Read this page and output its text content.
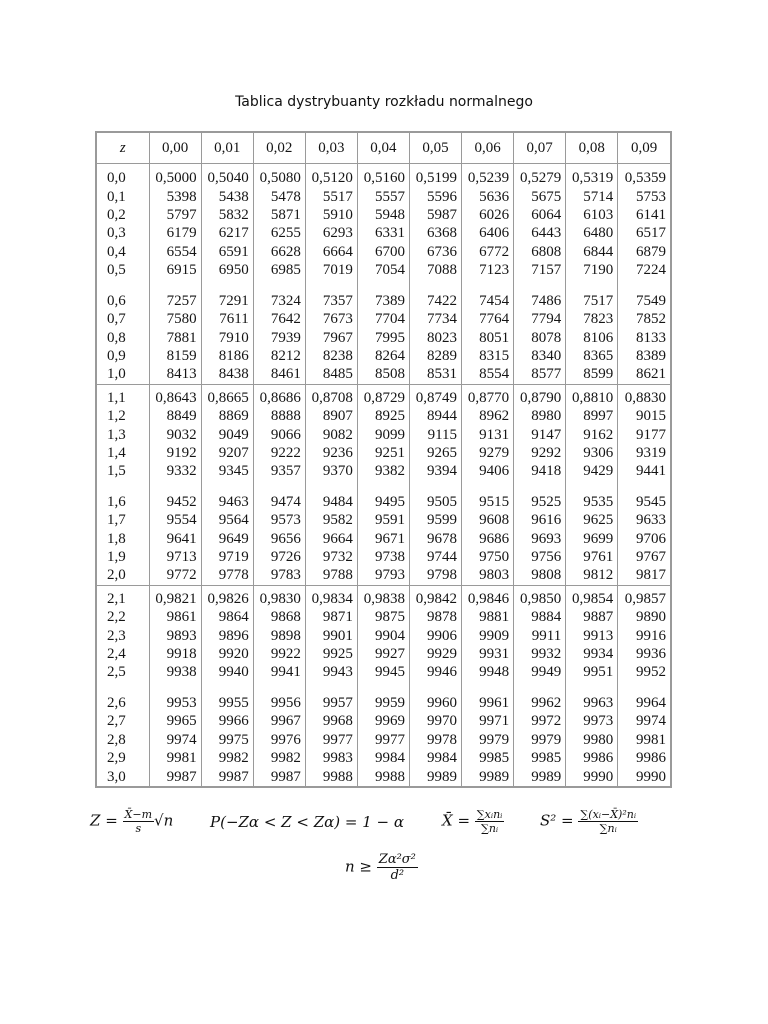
Tablica dystrybuanty rozkładu normalnego
z	0,00	0,01	0,02	0,03	0,04	0,05	0,06	0,07	0,08	0,09
0,0	0,5000	0,5040	0,5080	0,5120	0,5160	0,5199	0,5239	0,5279	0,5319	0,5359
0,1	5398	5438	5478	5517	5557	5596	5636	5675	5714	5753
0,2	5797	5832	5871	5910	5948	5987	6026	6064	6103	6141
0,3	6179	6217	6255	6293	6331	6368	6406	6443	6480	6517
0,4	6554	6591	6628	6664	6700	6736	6772	6808	6844	6879
0,5	6915	6950	6985	7019	7054	7088	7123	7157	7190	7224
0,6	7257	7291	7324	7357	7389	7422	7454	7486	7517	7549
0,7	7580	7611	7642	7673	7704	7734	7764	7794	7823	7852
0,8	7881	7910	7939	7967	7995	8023	8051	8078	8106	8133
0,9	8159	8186	8212	8238	8264	8289	8315	8340	8365	8389
1,0	8413	8438	8461	8485	8508	8531	8554	8577	8599	8621
1,1	0,8643	0,8665	0,8686	0,8708	0,8729	0,8749	0,8770	0,8790	0,8810	0,8830
1,2	8849	8869	8888	8907	8925	8944	8962	8980	8997	9015
1,3	9032	9049	9066	9082	9099	9115	9131	9147	9162	9177
1,4	9192	9207	9222	9236	9251	9265	9279	9292	9306	9319
1,5	9332	9345	9357	9370	9382	9394	9406	9418	9429	9441
1,6	9452	9463	9474	9484	9495	9505	9515	9525	9535	9545
1,7	9554	9564	9573	9582	9591	9599	9608	9616	9625	9633
1,8	9641	9649	9656	9664	9671	9678	9686	9693	9699	9706
1,9	9713	9719	9726	9732	9738	9744	9750	9756	9761	9767
2,0	9772	9778	9783	9788	9793	9798	9803	9808	9812	9817
2,1	0,9821	0,9826	0,9830	0,9834	0,9838	0,9842	0,9846	0,9850	0,9854	0,9857
2,2	9861	9864	9868	9871	9875	9878	9881	9884	9887	9890
2,3	9893	9896	9898	9901	9904	9906	9909	9911	9913	9916
2,4	9918	9920	9922	9925	9927	9929	9931	9932	9934	9936
2,5	9938	9940	9941	9943	9945	9946	9948	9949	9951	9952
2,6	9953	9955	9956	9957	9959	9960	9961	9962	9963	9964
2,7	9965	9966	9967	9968	9969	9970	9971	9972	9973	9974
2,8	9974	9975	9976	9977	9977	9978	9979	9979	9980	9981
2,9	9981	9982	9982	9983	9984	9984	9985	9985	9986	9986
3,0	9987	9987	9987	9988	9988	9989	9989	9989	9990	9990
$Z = \frac{X̄-m}{s} √n$ P(−Zα < Z < Zα) = 1 − α	X̄ = $\frac{\text{∑xᵢnᵢ}}{\text{∑nᵢ}} S^2 = \frac{\text{∑(xᵢ−X̄)²nᵢ}}{\text{∑nᵢ}}$
$n \ge \frac{\text{Zα²σ²}}{\text{d²}}$
